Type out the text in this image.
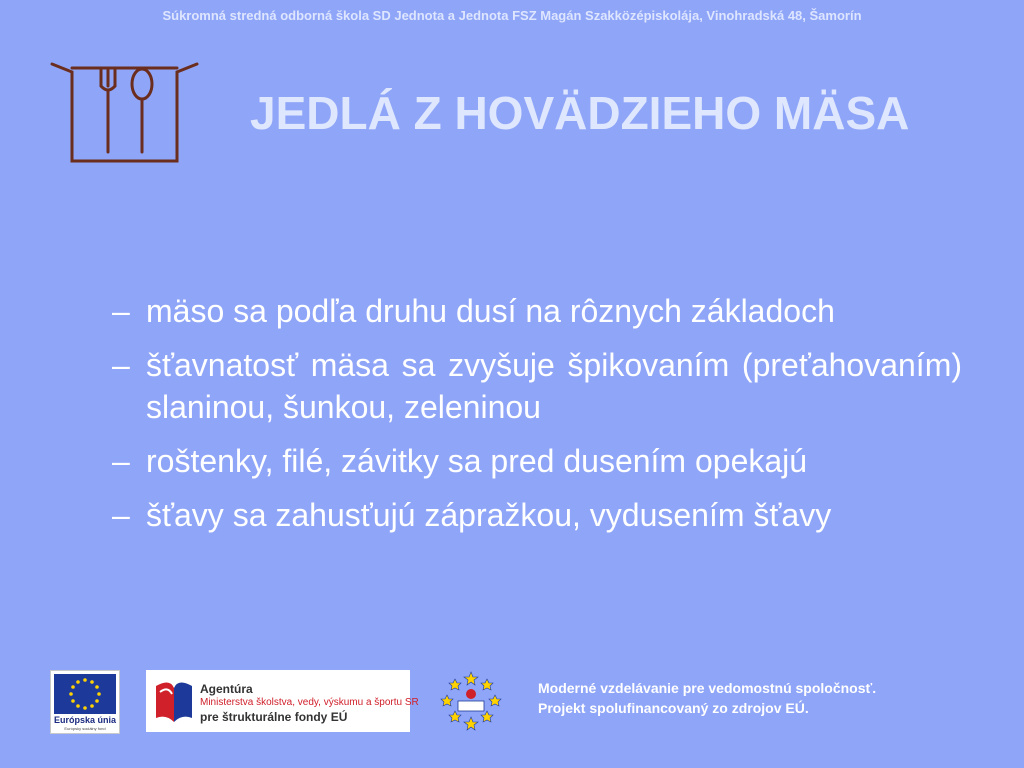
Súkromná stredná odborná škola SD Jednota a Jednota FSZ Magán Szakközépiskolája, Vinohradská 48, Šamorín
JEDLÁ Z HOVÄDZIEHO MÄSA
– mäso sa podľa druhu dusí na rôznych základoch
– šťavnatosť mäsa sa zvyšuje špikovaním (preťahovaním) slaninou, šunkou, zeleninou
– roštenky, filé, závitky sa pred dusením opekajú
– šťavy sa zahusťujú zápražkou, vydusením šťavy
Európska únia
Európsky sociálny fond
Agentúra
Ministerstva školstva, vedy, výskumu a športu SR
pre štrukturálne fondy EÚ
Moderné vzdelávanie pre vedomostnú spoločnosť.
Projekt spolufinancovaný zo zdrojov EÚ.
